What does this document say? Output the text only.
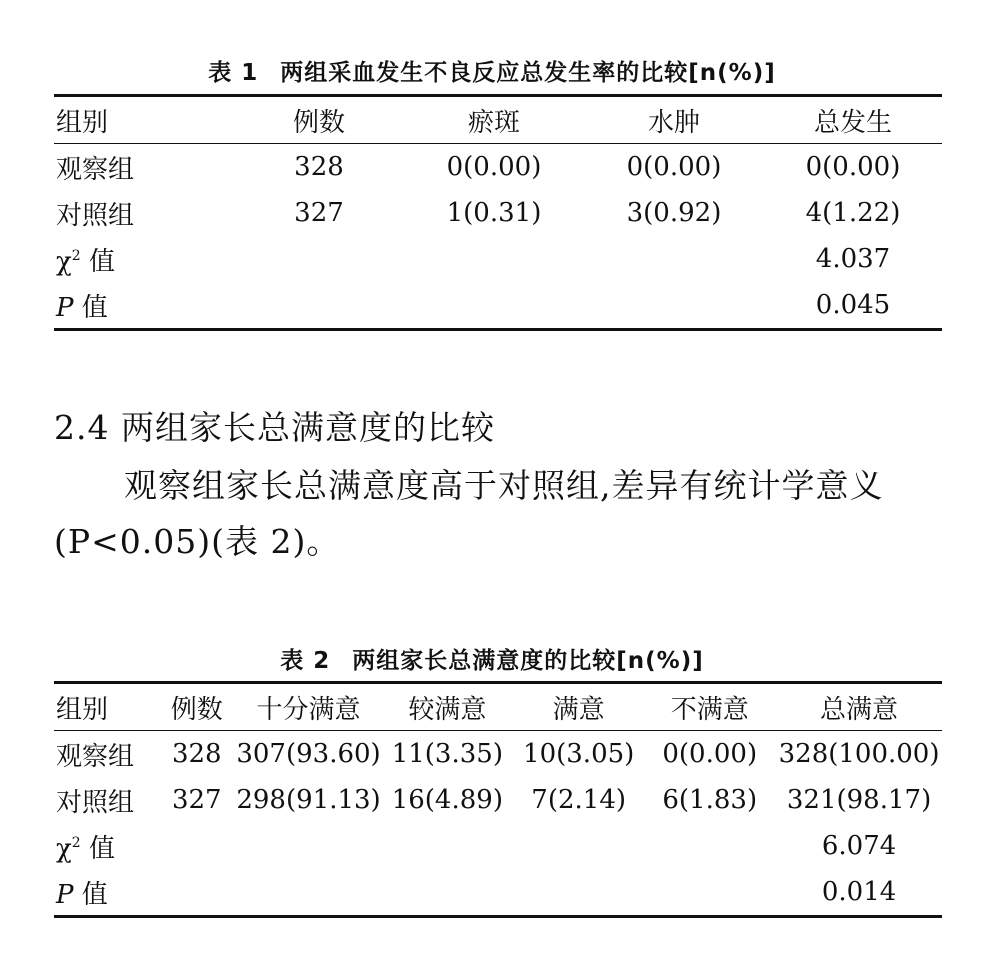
表 1 两组采血发生不良反应总发生率的比较[n(%)]
组别	例数	瘀斑	水肿	总发生
观察组	328	0(0.00)	0(0.00)	0(0.00)
对照组	327	1(0.31)	3(0.92)	4(1.22)
$\chi^2$ 值				4.037
P 值				0.045
2.4 两组家长总满意度的比较
观察组家长总满意度高于对照组,差异有统计学意义(P<0.05)(表 2)。
表 2 两组家长总满意度的比较[n(%)]
组别	例数	十分满意	较满意	满意	不满意	总满意
观察组	328	307(93.60)	11(3.35)	10(3.05)	0(0.00)	328(100.00)
对照组	327	298(91.13)	16(4.89)	7(2.14)	6(1.83)	321(98.17)
$\chi^2$ 值						6.074
P 值						0.014
